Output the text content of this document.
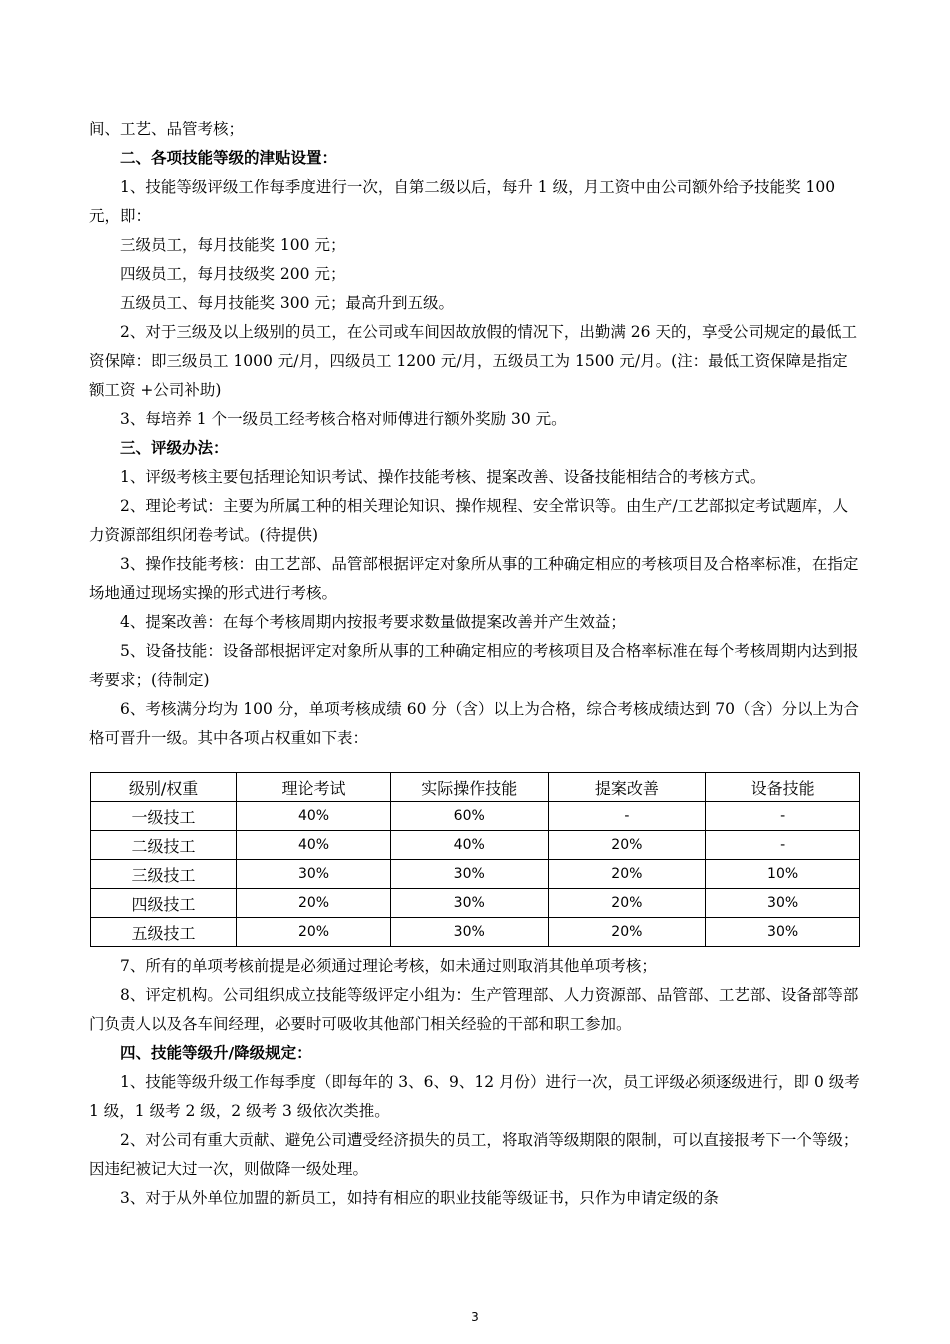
间、工艺、品管考核；

二、各项技能等级的津贴设置：

1、技能等级评级工作每季度进行一次，自第二级以后，每升 1 级，月工资中由公司额外给予技能奖 100 元，即：

三级员工，每月技能奖 100 元；

四级员工，每月技级奖 200 元；

五级员工、每月技能奖 300 元；最高升到五级。

2、对于三级及以上级别的员工，在公司或车间因故放假的情况下，出勤满 26 天的，享受公司规定的最低工资保障：即三级员工 1000 元/月，四级员工 1200 元/月，五级员工为 1500 元/月。(注：最低工资保障是指定额工资 +公司补助)

3、每培养 1 个一级员工经考核合格对师傅进行额外奖励 30 元。

三、评级办法：

1、评级考核主要包括理论知识考试、操作技能考核、提案改善、设备技能相结合的考核方式。

2、理论考试：主要为所属工种的相关理论知识、操作规程、安全常识等。由生产/工艺部拟定考试题库，人力资源部组织闭卷考试。(待提供)

3、操作技能考核：由工艺部、品管部根据评定对象所从事的工种确定相应的考核项目及合格率标准，在指定场地通过现场实操的形式进行考核。

4、提案改善：在每个考核周期内按报考要求数量做提案改善并产生效益；

5、设备技能：设备部根据评定对象所从事的工种确定相应的考核项目及合格率标准在每个考核周期内达到报考要求；(待制定)

6、考核满分均为 100 分，单项考核成绩 60 分（含）以上为合格，综合考核成绩达到 70（含）分以上为合格可晋升一级。其中各项占权重如下表：

级别/权重	理论考试	实际操作技能	提案改善	设备技能
一级技工	40%	60%	-	-
二级技工	40%	40%	20%	-
三级技工	30%	30%	20%	10%
四级技工	20%	30%	20%	30%
五级技工	20%	30%	20%	30%

7、所有的单项考核前提是必须通过理论考核，如未通过则取消其他单项考核；

8、评定机构。公司组织成立技能等级评定小组为：生产管理部、人力资源部、品管部、工艺部、设备部等部门负责人以及各车间经理，必要时可吸收其他部门相关经验的干部和职工参加。

四、技能等级升/降级规定：

1、技能等级升级工作每季度（即每年的 3、6、9、12 月份）进行一次，员工评级必须逐级进行，即 0 级考 1 级，1 级考 2 级，2 级考 3 级依次类推。

2、对公司有重大贡献、避免公司遭受经济损失的员工，将取消等级期限的限制，可以直接报考下一个等级；因违纪被记大过一次，则做降一级处理。

3、对于从外单位加盟的新员工，如持有相应的职业技能等级证书，只作为申请定级的条

3
